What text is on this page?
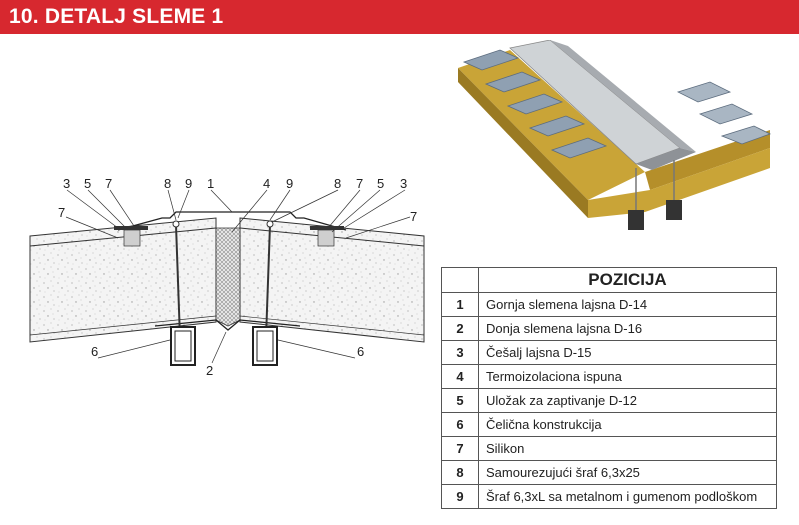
10. DETALJ SLEME 1
3 5 7	8 9 1	4 9	8 7 5 3
7	7
6	6
2
	POZICIJA
1	Gornja slemena lajsna D-14
2	Donja slemena lajsna D-16
3	Češalj lajsna D-15
4	Termoizolaciona ispuna
5	Uložak za zaptivanje D-12
6	Čelična konstrukcija
7	Silikon
8	Samourezujući šraf 6,3x25
9	Šraf 6,3xL sa metalnom i gumenom podloškom
